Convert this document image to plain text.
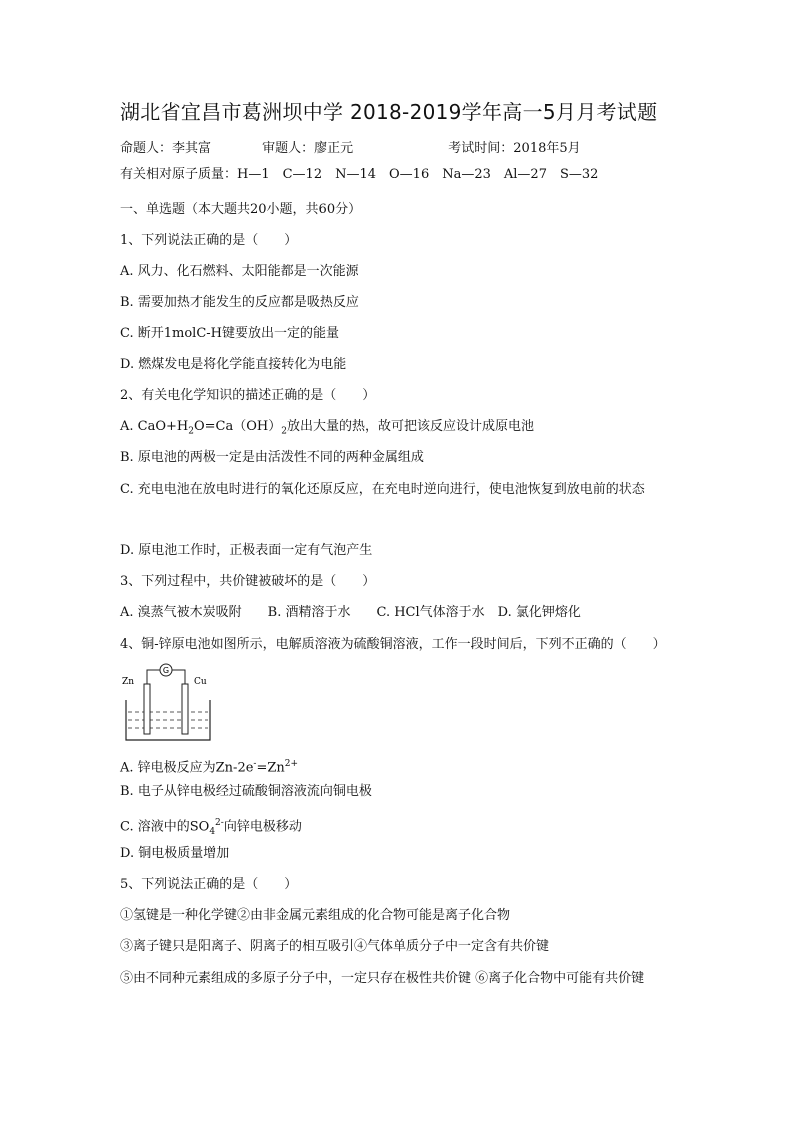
湖北省宜昌市葛洲坝中学 2018-2019学年高一5月月考试题
命题人：李其富	审题人：廖正元	考试时间：2018年5月
有关相对原子质量：H—1　C—12　N—14　O—16　Na—23　Al—27　S—32
一、单选题（本大题共20小题，共60分）
1、下列说法正确的是（　　）
A. 风力、化石燃料、太阳能都是一次能源
B. 需要加热才能发生的反应都是吸热反应
C. 断开1molC-H键要放出一定的能量
D. 燃煤发电是将化学能直接转化为电能
2、有关电化学知识的描述正确的是（　　）
A. $CaO+H_2O=Ca(OH)_2$放出大量的热，故可把该反应设计成原电池
B. 原电池的两极一定是由活泼性不同的两种金属组成
C. 充电电池在放电时进行的氧化还原反应，在充电时逆向进行，使电池恢复到放电前的状态
D. 原电池工作时，正极表面一定有气泡产生
3、下列过程中，共价键被破坏的是（　　）
A. 溴蒸气被木炭吸附　　B. 酒精溶于水　　C. HCl气体溶于水　D. 氯化钾熔化
4、铜-锌原电池如图所示，电解质溶液为硫酸铜溶液，工作一段时间后，下列不正确的（　　）
G
Zn	Cu
A. 锌电极反应为$Zn-2e^-=Zn^{2+}$
B. 电子从锌电极经过硫酸铜溶液流向铜电极
C. 溶液中的$SO_4^{2-}$向锌电极移动
D. 铜电极质量增加
5、下列说法正确的是（　　）
①氢键是一种化学键②由非金属元素组成的化合物可能是离子化合物
③离子键只是阳离子、阴离子的相互吸引④气体单质分子中一定含有共价键
⑤由不同种元素组成的多原子分子中，一定只存在极性共价键 ⑥离子化合物中可能有共价键
